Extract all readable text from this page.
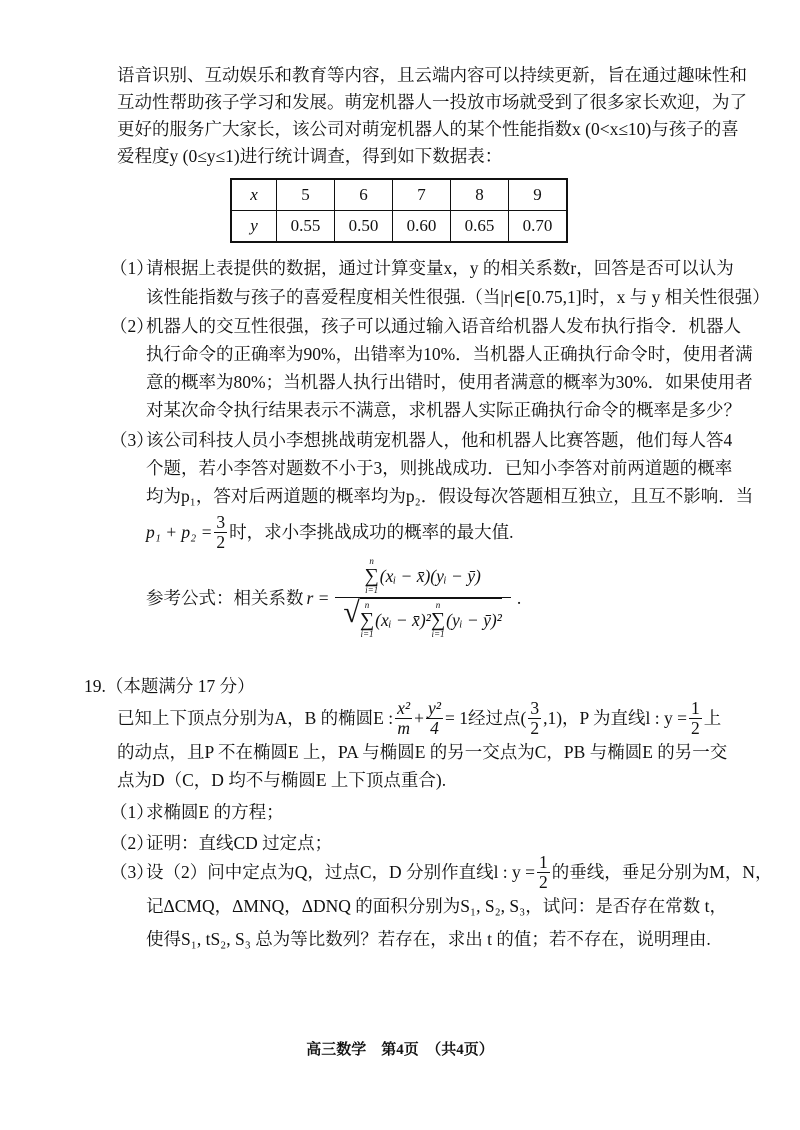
语音识别、互动娱乐和教育等内容，且云端内容可以持续更新，旨在通过趣味性和
互动性帮助孩子学习和发展。萌宠机器人一投放市场就受到了很多家长欢迎，为了
更好的服务广大家长，该公司对萌宠机器人的某个性能指数x (0<x≤10)与孩子的喜
爱程度y (0≤y≤1)进行统计调查，得到如下数据表：
x	5	6	7	8	9
y	0.55	0.50	0.60	0.65	0.70
（1）
请根据上表提供的数据，通过计算变量x，y 的相关系数r，回答是否可以认为
该性能指数与孩子的喜爱程度相关性很强.（当|r|∈[0.75,1]时，x 与 y 相关性很强）
（2）
机器人的交互性很强，孩子可以通过输入语音给机器人发布执行指令．机器人
执行命令的正确率为90%，出错率为10%．当机器人正确执行命令时，使用者满
意的概率为80%；当机器人执行出错时，使用者满意的概率为30%．如果使用者
对某次命令执行结果表示不满意，求机器人实际正确执行命令的概率是多少？
（3）
该公司科技人员小李想挑战萌宠机器人，他和机器人比赛答题，他们每人答4
个题，若小李答对题数不小于3，则挑战成功．已知小李答对前两道题的概率
均为p₁，答对后两道题的概率均为p₂．假设每次答题相互独立，且互不影响．当
$p_1 + p_2 = \frac{3}{2}$ 时，求小李挑战成功的概率的最大值.
参考公式：相关系数 r =
n
∑
i=1
(xᵢ − x̄)(yᵢ − ȳ)
√ n
∑
i=1
(xᵢ − x̄)²
n
∑
i=1
(yᵢ − ȳ)²
.
19.（本题满分 17 分）
已知上下顶点分别为A，B 的椭圆E : $\frac{\text{x²}}{m} + \frac{\text{y²}}{4} = 1$经过点( $\frac{3}{2} ,1$)，P 为直线l : $y = \frac{1}{2}$ 上
的动点，且P 不在椭圆E 上，PA 与椭圆E 的另一交点为C，PB 与椭圆E 的另一交
点为D（C，D 均不与椭圆E 上下顶点重合).
（1）
求椭圆E 的方程；
（2）
证明：直线CD 过定点；
（3）
设（2）问中定点为Q，过点C，D 分别作直线l : $y = \frac{1}{2}$ 的垂线，垂足分别为M，N，
记ΔCMQ，ΔMNQ，ΔDNQ 的面积分别为S₁, S₂, S₃，试问：是否存在常数 t，
使得S₁, tS₂, S₃ 总为等比数列？若存在，求出 t 的值；若不存在，说明理由.
高三数学　第4页　（共4页）
